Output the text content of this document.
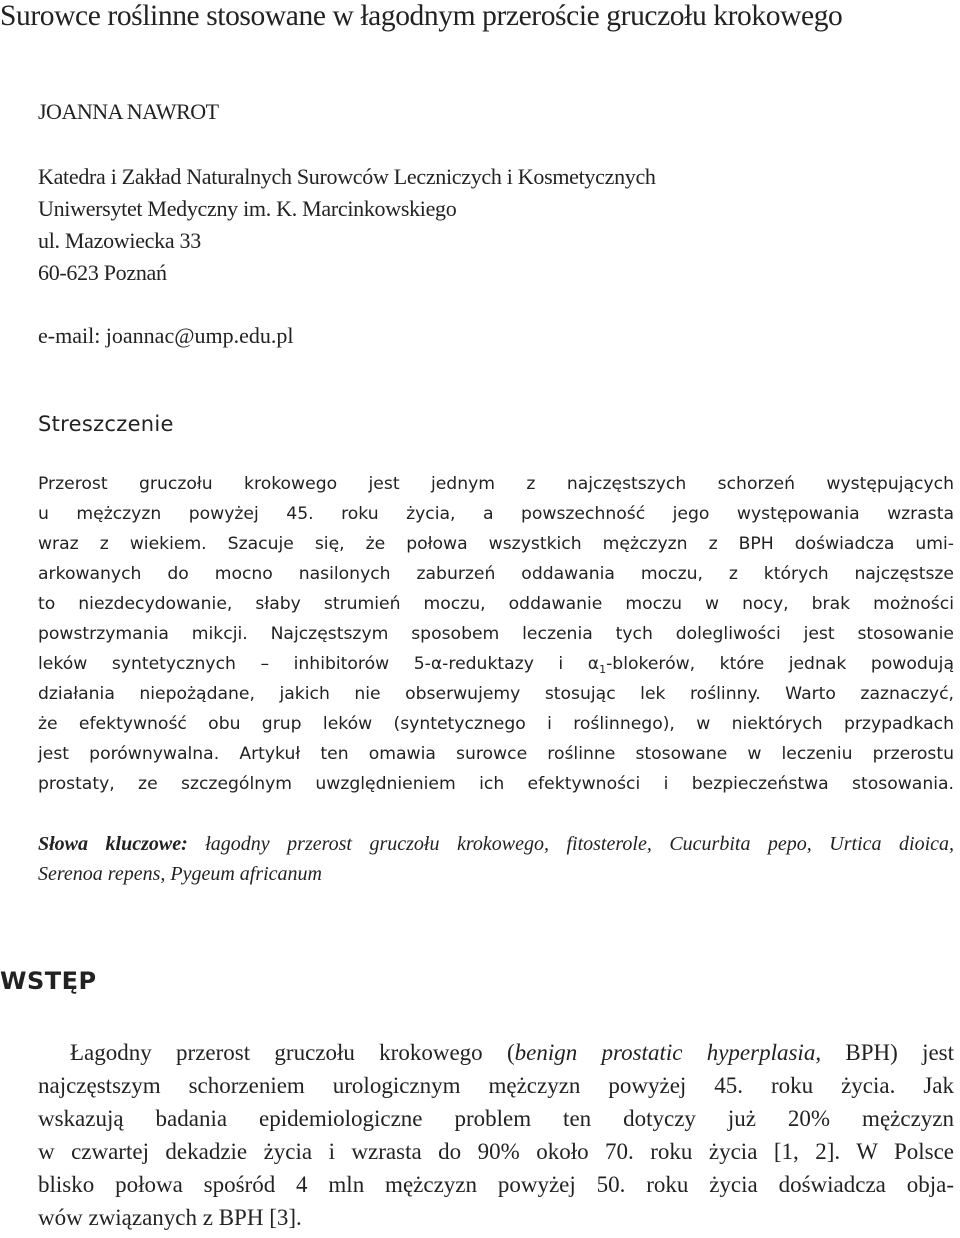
Surowce roślinne stosowane w łagodnym przeroście gruczołu krokowego
JOANNA NAWROT
Katedra i Zakład Naturalnych Surowców Leczniczych i Kosmetycznych
Uniwersytet Medyczny im. K. Marcinkowskiego
ul. Mazowiecka 33
60-623 Poznań
e-mail: joannac@ump.edu.pl
Streszczenie
Przerost gruczołu krokowego jest jednym z najczęstszych schorzeń występujących
u mężczyzn powyżej 45. roku życia, a powszechność jego występowania wzrasta
wraz z wiekiem. Szacuje się, że połowa wszystkich mężczyzn z BPH doświadcza umi-
arkowanych do mocno nasilonych zaburzeń oddawania moczu, z których najczęstsze
to niezdecydowanie, słaby strumień moczu, oddawanie moczu w nocy, brak możności
powstrzymania mikcji. Najczęstszym sposobem leczenia tych dolegliwości jest stosowanie
leków syntetycznych – inhibitorów 5-α-reduktazy i $\alpha_1$-blokerów, które jednak powodują
działania niepożądane, jakich nie obserwujemy stosując lek roślinny. Warto zaznaczyć,
że efektywność obu grup leków (syntetycznego i roślinnego), w niektórych przypadkach
jest porównywalna. Artykuł ten omawia surowce roślinne stosowane w leczeniu przerostu
prostaty, ze szczególnym uwzględnieniem ich efektywności i bezpieczeństwa stosowania.
Słowa kluczowe: łagodny przerost gruczołu krokowego, fitosterole, Cucurbita pepo, Urtica dioica,
Serenoa repens, Pygeum africanum
WSTĘP
Łagodny przerost gruczołu krokowego (benign prostatic hyperplasia, BPH) jest
najczęstszym schorzeniem urologicznym mężczyzn powyżej 45. roku życia. Jak
wskazują badania epidemiologiczne problem ten dotyczy już 20% mężczyzn
w czwartej dekadzie życia i wzrasta do 90% około 70. roku życia [1, 2]. W Polsce
blisko połowa spośród 4 mln mężczyzn powyżej 50. roku życia doświadcza obja-
wów związanych z BPH [3].
